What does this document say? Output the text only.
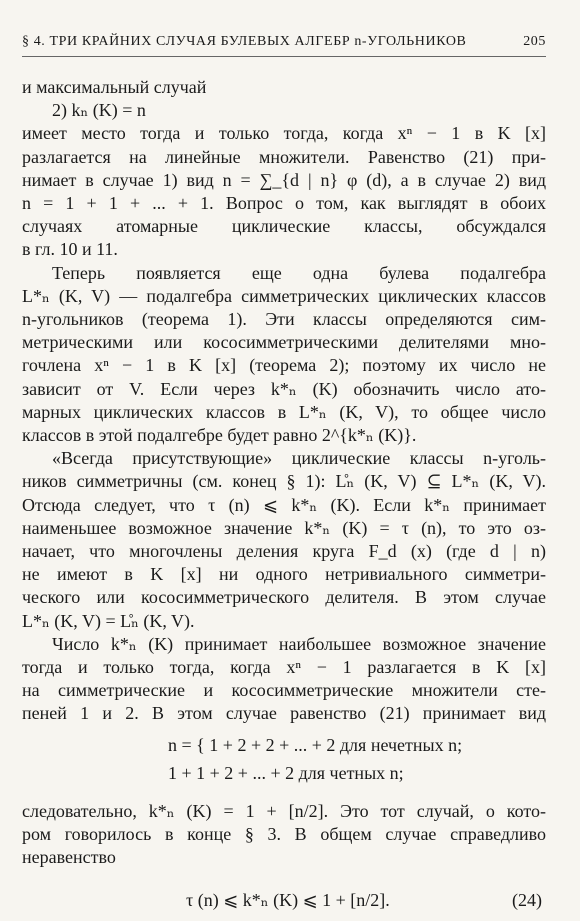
§ 4. ТРИ КРАЙНИХ СЛУЧАЯ БУЛЕВЫХ АЛГЕБР n-УГОЛЬНИКОВ	205

и максимальный случай

2) kₙ (K) = n

имеет место тогда и только тогда, когда xⁿ − 1 в K [x]

разлагается на линейные множители. Равенство (21) при-

нимает в случае 1) вид n = ∑_{d | n} φ (d), а в случае 2) вид

n = 1 + 1 + ... + 1. Вопрос о том, как выглядят в обоих

случаях атомарные циклические классы, обсуждался

в гл. 10 и 11.

Теперь появляется еще одна булева подалгебра

L*ₙ (K, V) — подалгебра симметрических циклических классов

n-угольников (теорема 1). Эти классы определяются сим-

метрическими или кососимметрическими делителями мно-

гочлена xⁿ − 1 в K [x] (теорема 2); поэтому их число не

зависит от V. Если через k*ₙ (K) обозначить число ато-

марных циклических классов в L*ₙ (K, V), то общее число

классов в этой подалгебре будет равно 2^{k*ₙ (K)}.

«Всегда присутствующие» циклические классы n-уголь-

ников симметричны (см. конец § 1): L̊ₙ (K, V) ⊆ L*ₙ (K, V).

Отсюда следует, что τ (n) ⩽ k*ₙ (K). Если k*ₙ принимает

наименьшее возможное значение k*ₙ (K) = τ (n), то это оз-

начает, что многочлены деления круга F_d (x) (где d | n)

не имеют в K [x] ни одного нетривиального симметри-

ческого или кососимметрического делителя. В этом случае

L*ₙ (K, V) = L̊ₙ (K, V).

Число k*ₙ (K) принимает наибольшее возможное значение

тогда и только тогда, когда xⁿ − 1 разлагается в K [x]

на симметрические и кососимметрические множители сте-

пеней 1 и 2. В этом случае равенство (21) принимает вид

n = { 1 + 2 + 2 + ... + 2 для нечетных n;
1 + 1 + 2 + ... + 2 для четных n;

следовательно, k*ₙ (K) = 1 + [n/2]. Это тот случай, о кото-

ром говорилось в конце § 3. В общем случае справедливо

неравенство

τ (n) ⩽ k*ₙ (K) ⩽ 1 + [n/2].	(24)
